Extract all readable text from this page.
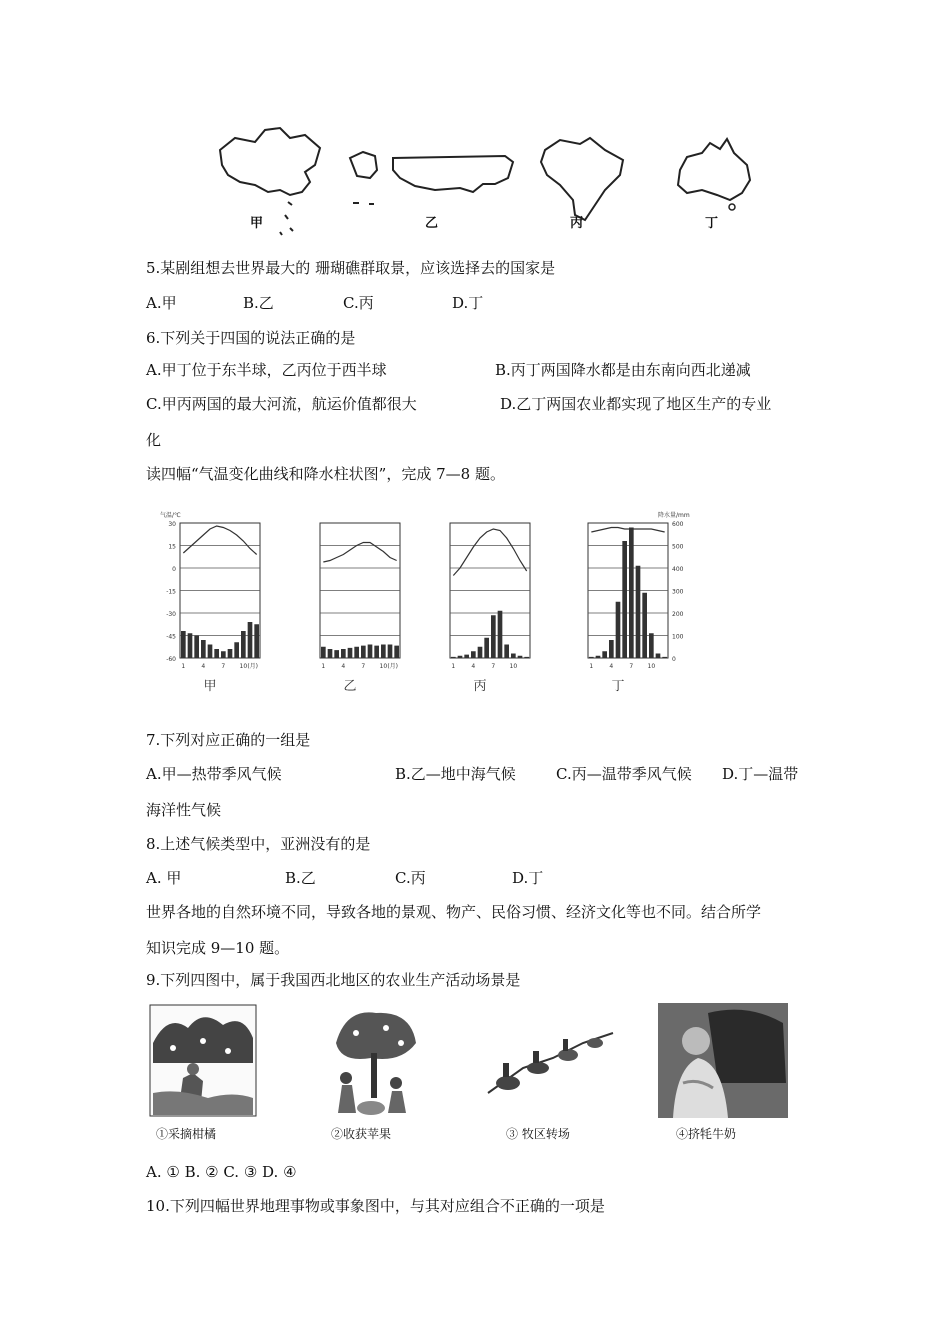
甲	乙	丙	丁
5.某剧组想去世界最大的 珊瑚礁群取景，应该选择去的国家是
A.甲	B.乙	C.丙	D.丁
6.下列关于四国的说法正确的是
A.甲丁位于东半球，乙丙位于西半球	B.丙丁两国降水都是由东南向西北递减
C.甲丙两国的最大河流，航运价值都很大	D.乙丁两国农业都实现了地区生产的专业
化
读四幅“气温变化曲线和降水柱状图”，完成 7—8 题。
1	4	7 10 (月)
甲
1	4	7 10 (月)
乙
1	4	7 10
丙
1	4	7 10
丁
30
15
0
-15
-30
-45
-60
气温/℃
600
500
400
300
200
100
0
降水量/mm
7.下列对应正确的一组是
A.甲—热带季风气候	B.乙—地中海气候	C.丙—温带季风气候 D.丁—温带
海洋性气候
8.上述气候类型中，亚洲没有的是
A. 甲	B.乙	C.丙	D.丁
世界各地的自然环境不同，导致各地的景观、物产、民俗习惯、经济文化等也不同。结合所学
知识完成 9—10 题。
9.下列四图中，属于我国西北地区的农业生产活动场景是
①采摘柑橘	②收获苹果	③ 牧区转场	④挤牦牛奶
A. ① B. ② C. ③ D. ④
10.下列四幅世界地理事物或事象图中，与其对应组合不正确的一项是
